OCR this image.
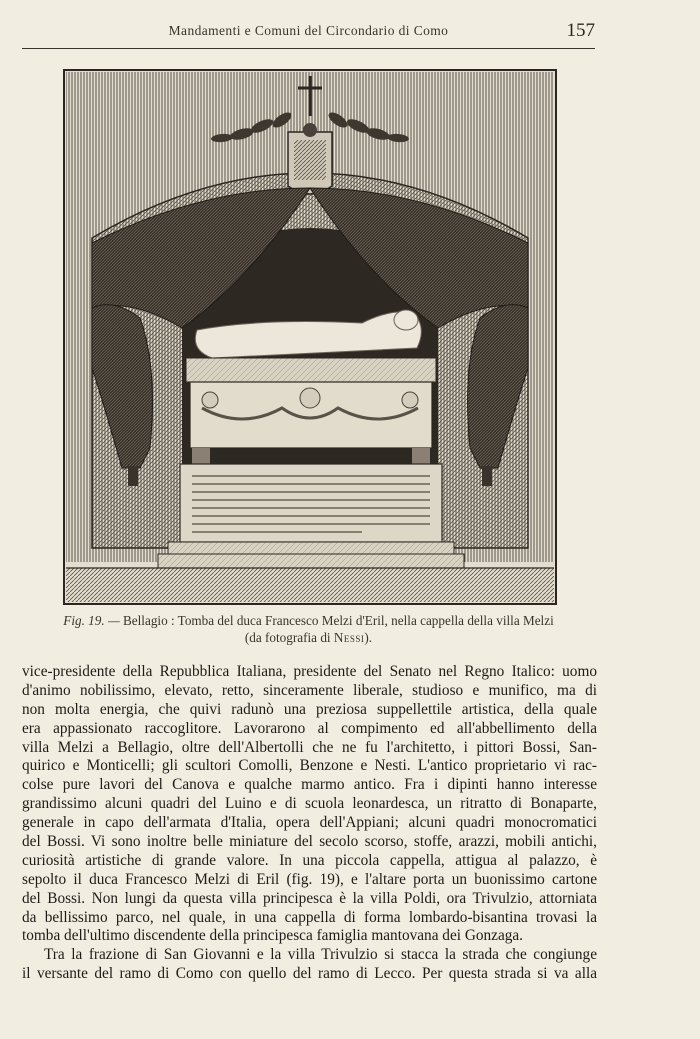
Mandamenti e Comuni del Circondario di Como	157
Fig. 19. — Bellagio : Tomba del duca Francesco Melzi d'Eril, nella cappella della villa Melzi
(da fotografia di Nessi).
vice-presidente della Repubblica Italiana, presidente del Senato nel Regno Italico: uomo
d'animo nobilissimo, elevato, retto, sinceramente liberale, studioso e munifico, ma di
non molta energia, che quivi radunò una preziosa suppellettile artistica, della quale
era appassionato raccoglitore. Lavorarono al compimento ed all'abbellimento della
villa Melzi a Bellagio, oltre dell'Albertolli che ne fu l'architetto, i pittori Bossi, San-
quirico e Monticelli; gli scultori Comolli, Benzone e Nesti. L'antico proprietario vi rac-
colse pure lavori del Canova e qualche marmo antico. Fra i dipinti hanno interesse
grandissimo alcuni quadri del Luino e di scuola leonardesca, un ritratto di Bonaparte,
generale in capo dell'armata d'Italia, opera dell'Appiani; alcuni quadri monocromatici
del Bossi. Vi sono inoltre belle miniature del secolo scorso, stoffe, arazzi, mobili antichi,
curiosità artistiche di grande valore. In una piccola cappella, attigua al palazzo, è
sepolto il duca Francesco Melzi di Eril (fig. 19), e l'altare porta un buonissimo cartone
del Bossi. Non lungi da questa villa principesca è la villa Poldi, ora Trivulzio, attorniata
da bellissimo parco, nel quale, in una cappella di forma lombardo-bisantina trovasi la
tomba dell'ultimo discendente della principesca famiglia mantovana dei Gonzaga.
Tra la frazione di San Giovanni e la villa Trivulzio si stacca la strada che congiunge
il versante del ramo di Como con quello del ramo di Lecco. Per questa strada si va alla
